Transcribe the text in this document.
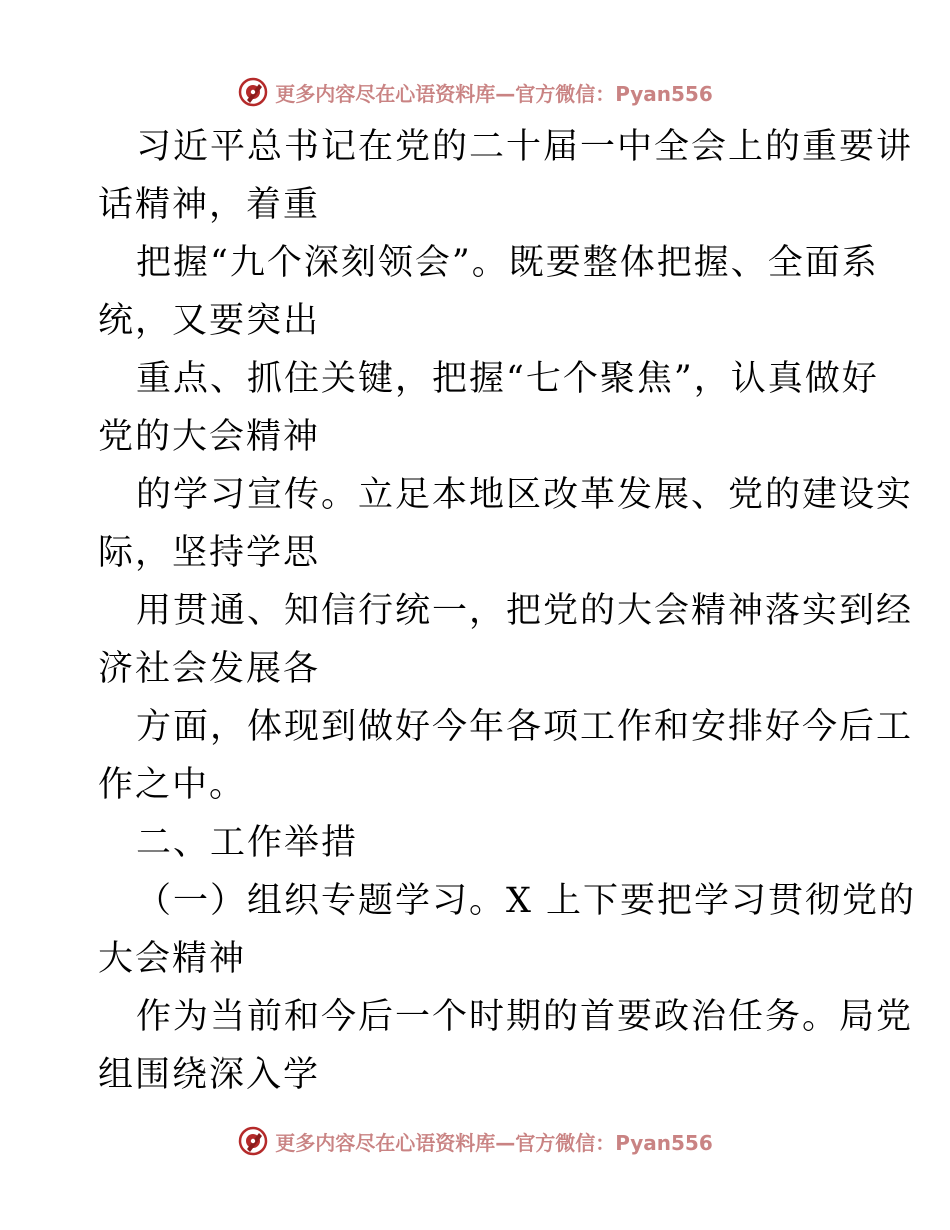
更多内容尽在心语资料库—官方微信：Pyan556
习近平总书记在党的二十届一中全会上的重要讲
话精神，着重
把握“九个深刻领会”。既要整体把握、全面系
统，又要突出
重点、抓住关键，把握“七个聚焦”，认真做好
党的大会精神
的学习宣传。立足本地区改革发展、党的建设实
际，坚持学思
用贯通、知信行统一，把党的大会精神落实到经
济社会发展各
方面，体现到做好今年各项工作和安排好今后工
作之中。
二、工作举措
（一）组织专题学习。X 上下要把学习贯彻党的
大会精神
作为当前和今后一个时期的首要政治任务。局党
组围绕深入学
更多内容尽在心语资料库—官方微信：Pyan556
